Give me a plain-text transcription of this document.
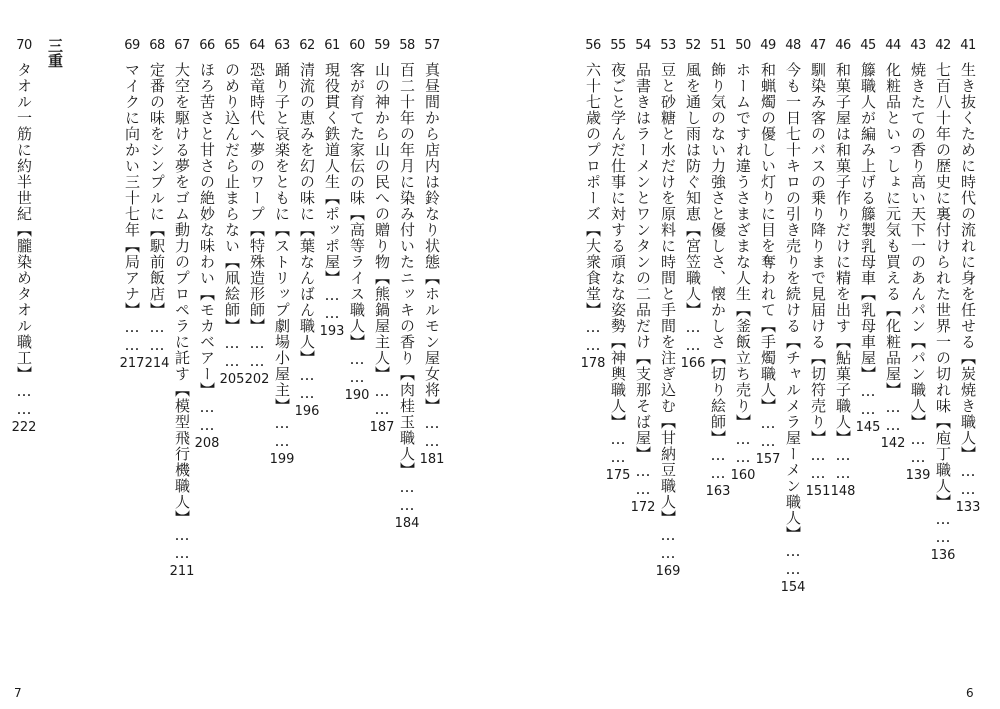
41
生き抜くために時代の流れに身を任せる【炭焼き職人】……
133
42
七百八十年の歴史に裏付けられた世界一の切れ味【庖丁職人】……
136
43
焼きたての香り高い天下一のあんパン【パン職人】……
139
44
化粧品といっしょに元気も買える【化粧品屋】……
142
45
籐職人が編み上げる籐製乳母車【乳母車屋】……
145
46
和菓子屋は和菓子作りだけに精を出す【鮎菓子職人】……
148
47
馴染み客のバスの乗り降りまで見届ける【切符売り】……
151
48
今も一日七十キロの引き売りを続ける【チャルメラ屋ーメン職人】……
154
49
和蝋燭の優しい灯りに目を奪われて【手燭職人】……
157
50
ホームですれ違うさまざまな人生【釜飯立ち売り】……
160
51
飾り気のない力強さと優しさ、懐かしさ【切り絵師】……
163
52
風を通し雨は防ぐ知恵【宮笠職人】……
166
53
豆と砂糖と水だけを原料に時間と手間を注ぎ込む【甘納豆職人】……
169
54
品書きはラーメンとワンタンの二品だけ【支那そば屋】……
172
55
夜ごと学んだ仕事に対する頑なな姿勢【神輿職人】……
175
56
六十七歳のプロポーズ【大衆食堂】……
178
57
真昼間から店内は鈴なり状態【ホルモン屋女将】……
181
58
百二十年の年月に染み付いたニッキの香り【肉桂玉職人】……
184
59
山の神から山の民への贈り物【熊鍋屋主人】……
187
60
客が育てた家伝の味【高等ライス職人】……
190
61
現役貫く鉄道人生【ポッポ屋】……
193
62
清流の恵みを幻の味に【葉なんばん職人】……
196
63
踊り子と哀楽をともに【ストリップ劇場小屋主】……
199
64
恐竜時代へ夢のワープ【特殊造形師】……
202
65
のめり込んだら止まらない【凧絵師】……
205
66
ほろ苦さと甘さの絶妙な味わい【モカベアー】……
208
67
大空を駆ける夢をゴム動力のプロペラに託す【模型飛行機職人】……
211
68
定番の味をシンプルに【駅前飯店】……
214
69
マイクに向かい三十七年【局アナ】……
217
三重
70
タオル一筋に約半世紀【朧染めタオル職工】……
222
7	6
